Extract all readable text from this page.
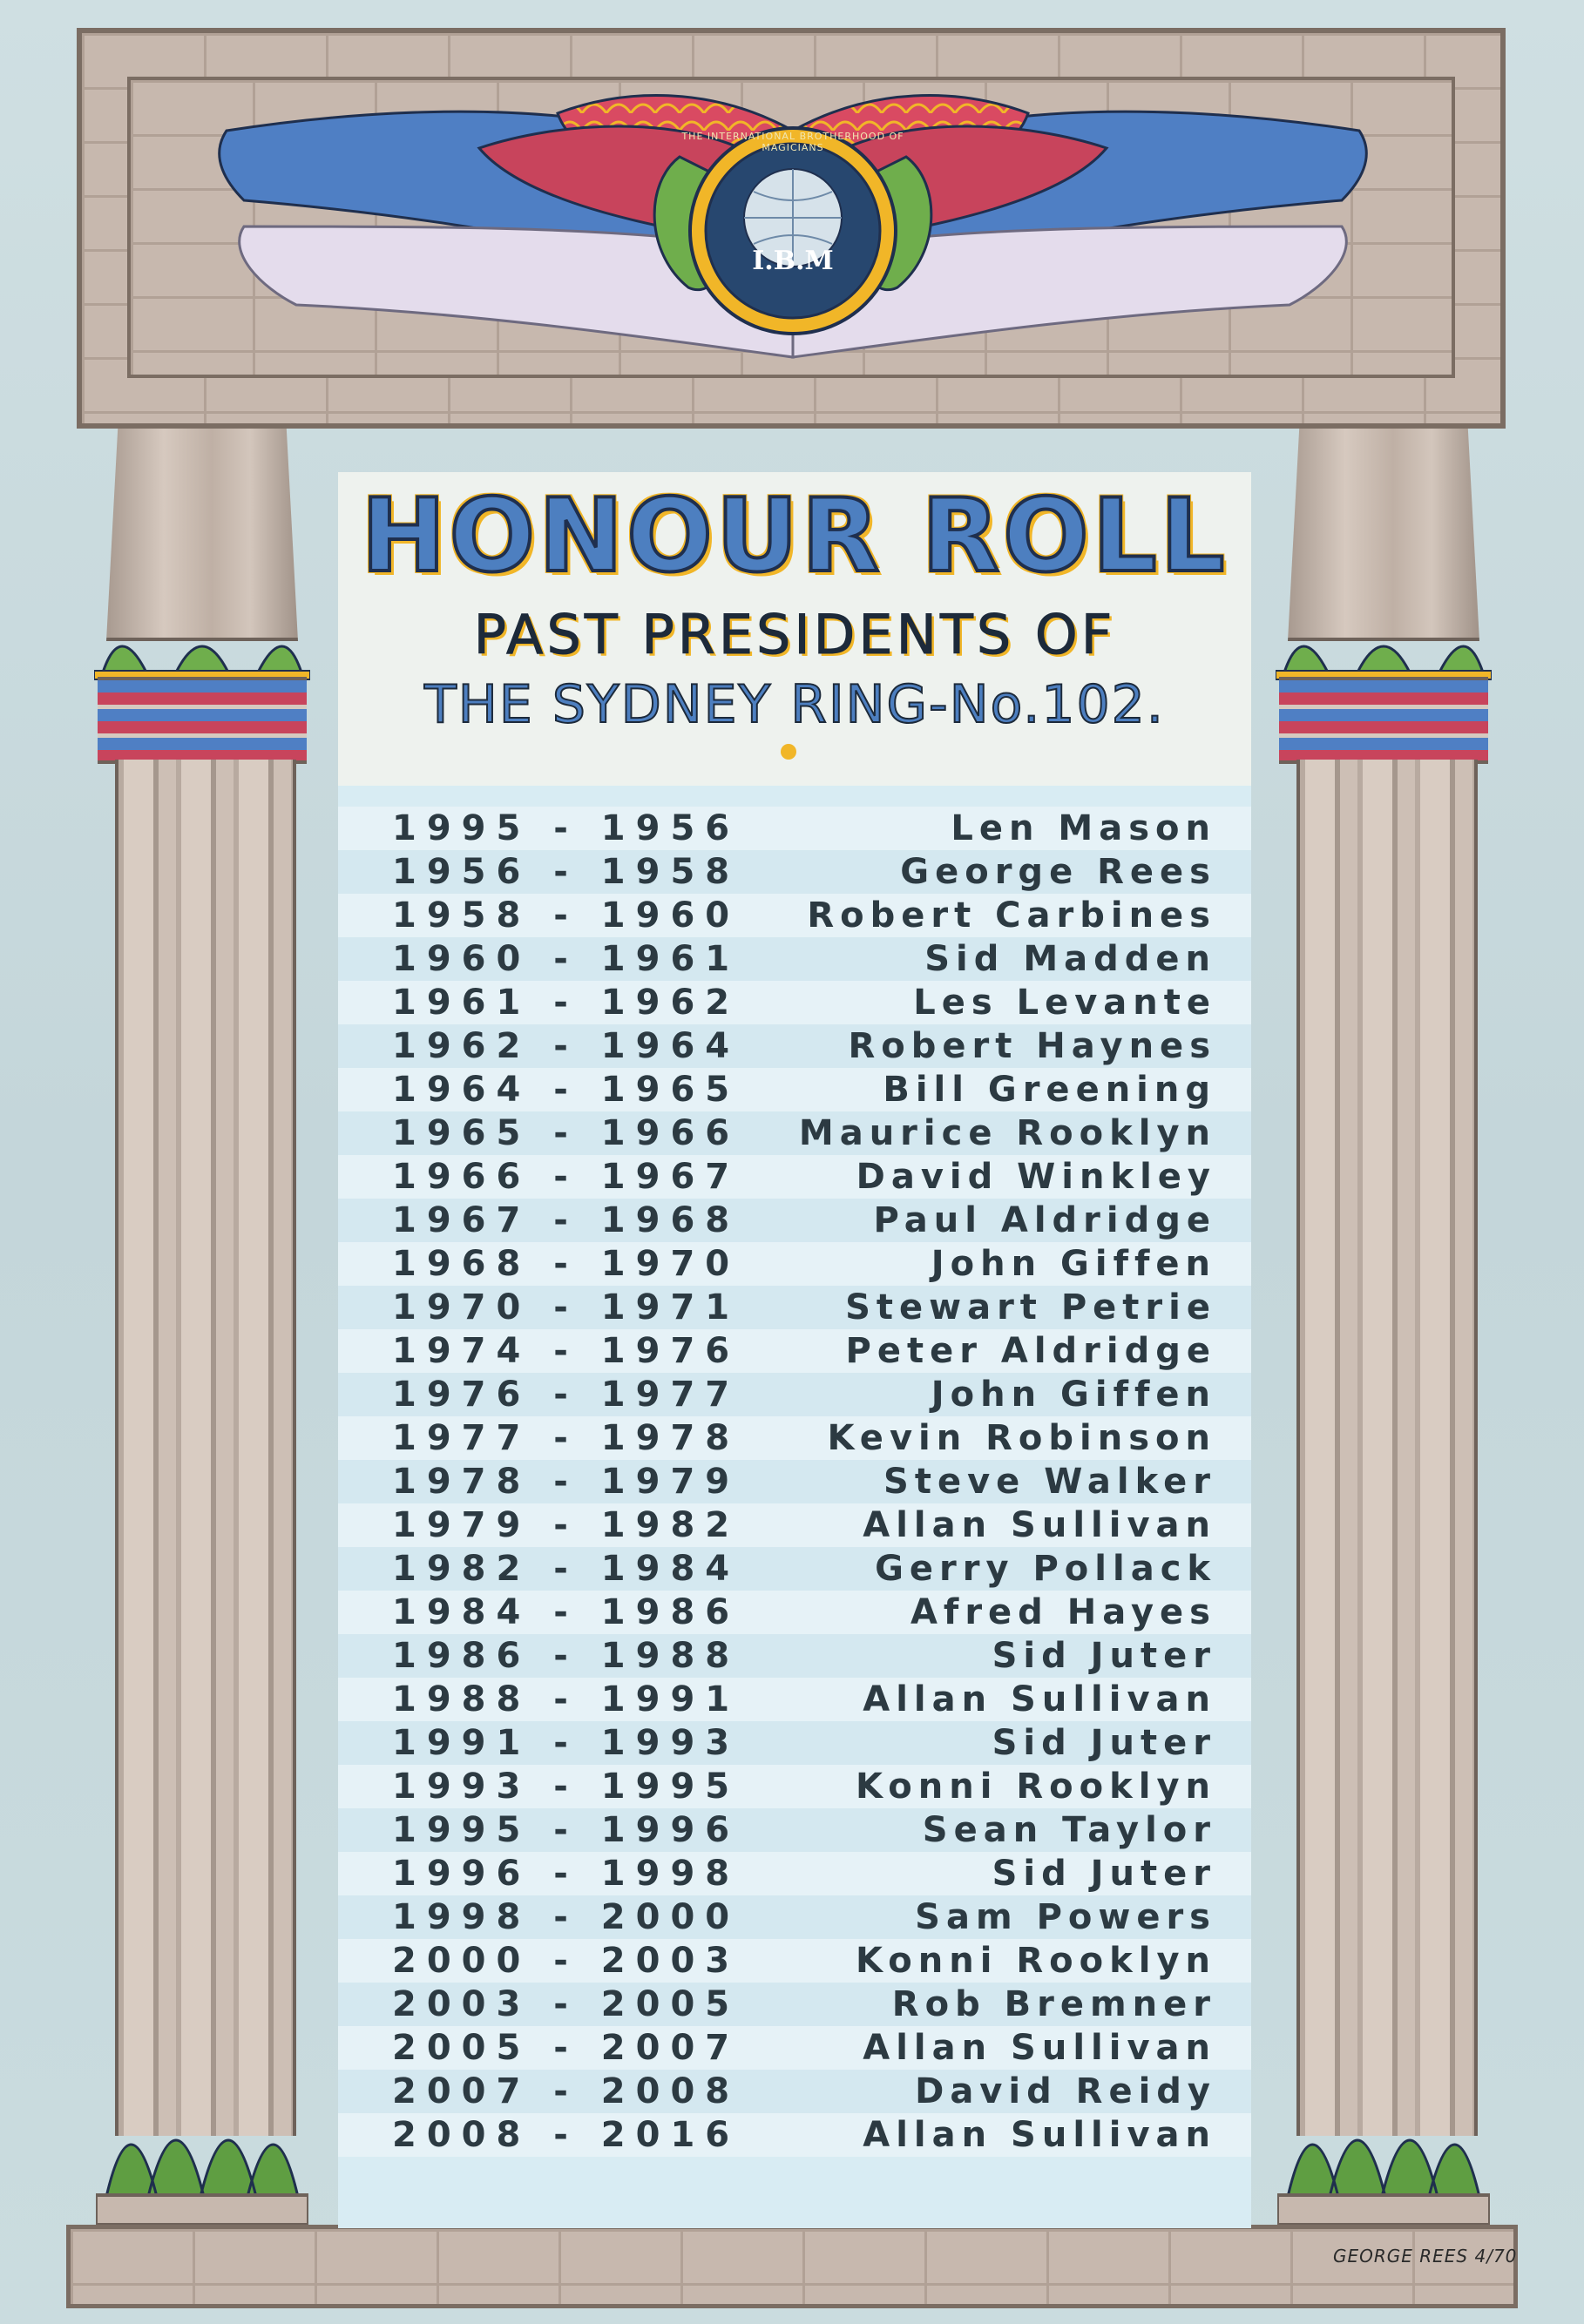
THE INTERNATIONAL BROTHERHOOD OF MAGICIANS
I.B.M
HONOUR ROLL
PAST PRESIDENTS OF
THE SYDNEY RING-No.102.
1995 - 1956	Len Mason
1956 - 1958	George Rees
1958 - 1960 Robert Carbines
1960 - 1961	Sid Madden
1961 - 1962	Les Levante
1962 - 1964	Robert Haynes
1964 - 1965	Bill Greening
1965 - 1966 Maurice Rooklyn
1966 - 1967	David Winkley
1967 - 1968	Paul Aldridge
1968 - 1970	John Giffen
1970 - 1971	Stewart Petrie
1974 - 1976	Peter Aldridge
1976 - 1977	John Giffen
1977 - 1978	Kevin Robinson
1978 - 1979	Steve Walker
1979 - 1982	Allan Sullivan
1982 - 1984	Gerry Pollack
1984 - 1986	Afred Hayes
1986 - 1988	Sid Juter
1988 - 1991	Allan Sullivan
1991 - 1993	Sid Juter
1993 - 1995	Konni Rooklyn
1995 - 1996	Sean Taylor
1996 - 1998	Sid Juter
1998 - 2000	Sam Powers
2000 - 2003	Konni Rooklyn
2003 - 2005	Rob Bremner
2005 - 2007	Allan Sullivan
2007 - 2008	David Reidy
2008 - 2016	Allan Sullivan
GEORGE REES 4/70
